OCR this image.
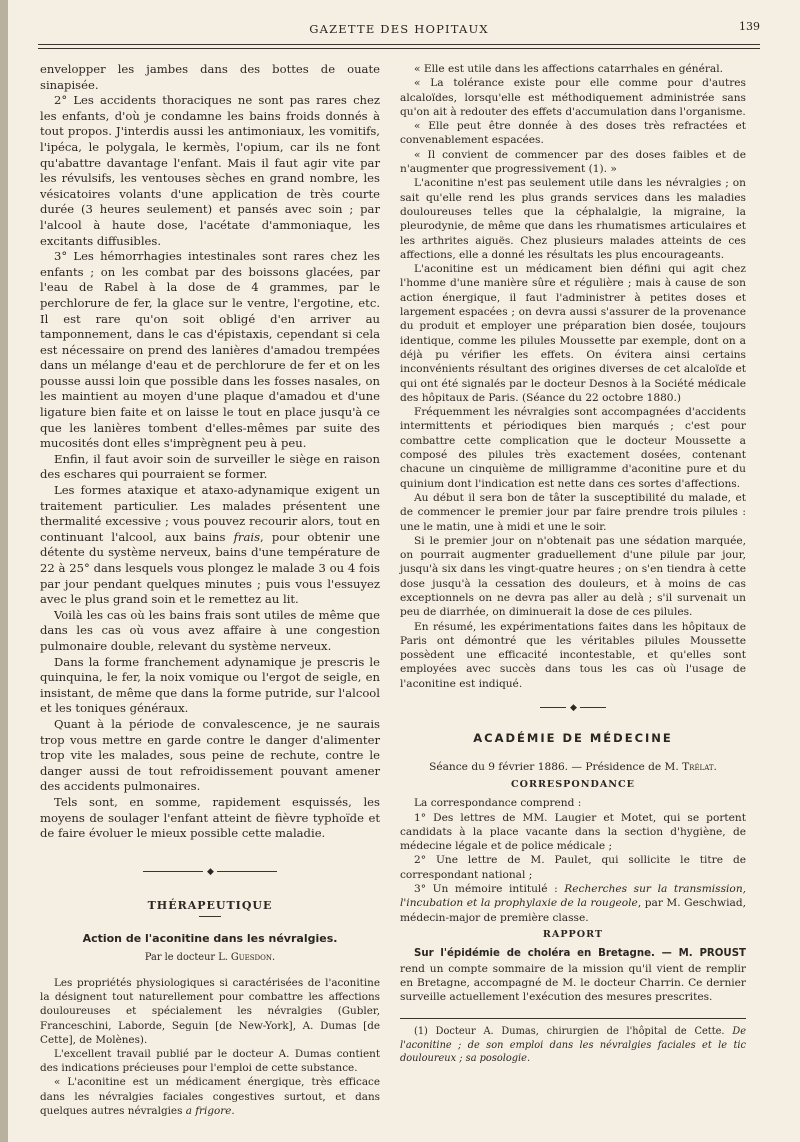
GAZETTE DES HOPITAUX	139

envelopper les jambes dans des bottes de ouate sinapisée.

2° Les accidents thoraciques ne sont pas rares chez les enfants, d'où je condamne les bains froids donnés à tout propos. J'interdis aussi les antimoniaux, les vomitifs, l'ipéca, le polygala, le kermès, l'opium, car ils ne font qu'abattre davantage l'enfant. Mais il faut agir vite par les révulsifs, les ventouses sèches en grand nombre, les vésicatoires volants d'une application de très courte durée (3 heures seulement) et pansés avec soin ; par l'alcool à haute dose, l'acétate d'ammoniaque, les excitants diffusibles.

3° Les hémorrhagies intestinales sont rares chez les enfants ; on les combat par des boissons glacées, par l'eau de Rabel à la dose de 4 grammes, par le perchlorure de fer, la glace sur le ventre, l'ergotine, etc. Il est rare qu'on soit obligé d'en arriver au tamponnement, dans le cas d'épistaxis, cependant si cela est nécessaire on prend des lanières d'amadou trempées dans un mélange d'eau et de perchlorure de fer et on les pousse aussi loin que possible dans les fosses nasales, on les maintient au moyen d'une plaque d'amadou et d'une ligature bien faite et on laisse le tout en place jusqu'à ce que les lanières tombent d'elles-mêmes par suite des mucosités dont elles s'imprègnent peu à peu.

Enfin, il faut avoir soin de surveiller le siège en raison des eschares qui pourraient se former.

Les formes ataxique et ataxo-adynamique exigent un traitement particulier. Les malades présentent une thermalité excessive ; vous pouvez recourir alors, tout en continuant l'alcool, aux bains frais, pour obtenir une détente du système nerveux, bains d'une température de 22 à 25° dans lesquels vous plongez le malade 3 ou 4 fois par jour pendant quelques minutes ; puis vous l'essuyez avec le plus grand soin et le remettez au lit.

Voilà les cas où les bains frais sont utiles de même que dans les cas où vous avez affaire à une congestion pulmonaire double, relevant du système nerveux.

Dans la forme franchement adynamique je prescris le quinquina, le fer, la noix vomique ou l'ergot de seigle, en insistant, de même que dans la forme putride, sur l'alcool et les toniques généraux.

Quant à la période de convalescence, je ne saurais trop vous mettre en garde contre le danger d'alimenter trop vite les malades, sous peine de rechute, contre le danger aussi de tout refroidissement pouvant amener des accidents pulmonaires.

Tels sont, en somme, rapidement esquissés, les moyens de soulager l'enfant atteint de fièvre typhoïde et de faire évoluer le mieux possible cette maladie.

◆
THÉRAPEUTIQUE
Action de l'aconitine dans les névralgies.
Par le docteur L. Guesdon.

Les propriétés physiologiques si caractérisées de l'aconitine la désignent tout naturellement pour combattre les affections douloureuses et spécialement les névralgies (Gubler, Franceschini, Laborde, Seguin [de New-York], A. Dumas [de Cette], de Molènes).

L'excellent travail publié par le docteur A. Dumas contient des indications précieuses pour l'emploi de cette substance.

« L'aconitine est un médicament énergique, très efficace dans les névralgies faciales congestives surtout, et dans quelques autres névralgies a frigore.

« Elle est utile dans les affections catarrhales en général.

« La tolérance existe pour elle comme pour d'autres alcaloïdes, lorsqu'elle est méthodiquement administrée sans qu'on ait à redouter des effets d'accumulation dans l'organisme.

« Elle peut être donnée à des doses très refractées et convenablement espacées.

« Il convient de commencer par des doses faibles et de n'augmenter que progressivement (1). »

L'aconitine n'est pas seulement utile dans les névralgies ; on sait qu'elle rend les plus grands services dans les maladies douloureuses telles que la céphalalgie, la migraine, la pleurodynie, de même que dans les rhumatismes articulaires et les arthrites aiguës. Chez plusieurs malades atteints de ces affections, elle a donné les résultats les plus encourageants.

L'aconitine est un médicament bien défini qui agit chez l'homme d'une manière sûre et régulière ; mais à cause de son action énergique, il faut l'administrer à petites doses et largement espacées ; on devra aussi s'assurer de la provenance du produit et employer une préparation bien dosée, toujours identique, comme les pilules Moussette par exemple, dont on a déjà pu vérifier les effets. On évitera ainsi certains inconvénients résultant des origines diverses de cet alcaloïde et qui ont été signalés par le docteur Desnos à la Société médicale des hôpitaux de Paris. (Séance du 22 octobre 1880.)

Fréquemment les névralgies sont accompagnées d'accidents intermittents et périodiques bien marqués ; c'est pour combattre cette complication que le docteur Moussette a composé des pilules très exactement dosées, contenant chacune un cinquième de milligramme d'aconitine pure et du quinium dont l'indication est nette dans ces sortes d'affections.

Au début il sera bon de tâter la susceptibilité du malade, et de commencer le premier jour par faire prendre trois pilules : une le matin, une à midi et une le soir.

Si le premier jour on n'obtenait pas une sédation marquée, on pourrait augmenter graduellement d'une pilule par jour, jusqu'à six dans les vingt-quatre heures ; on s'en tiendra à cette dose jusqu'à la cessation des douleurs, et à moins de cas exceptionnels on ne devra pas aller au delà ; s'il survenait un peu de diarrhée, on diminuerait la dose de ces pilules.

En résumé, les expérimentations faites dans les hôpitaux de Paris ont démontré que les véritables pilules Moussette possèdent une efficacité incontestable, et qu'elles sont employées avec succès dans tous les cas où l'usage de l'aconitine est indiqué.

◆
ACADÉMIE DE MÉDECINE
Séance du 9 février 1886. — Présidence de M. Trélat.
CORRESPONDANCE

La correspondance comprend :

1° Des lettres de MM. Laugier et Motet, qui se portent candidats à la place vacante dans la section d'hygiène, de médecine légale et de police médicale ;

2° Une lettre de M. Paulet, qui sollicite le titre de correspondant national ;

3° Un mémoire intitulé : Recherches sur la transmission, l'incubation et la prophylaxie de la rougeole, par M. Geschwiad, médecin-major de première classe.

RAPPORT

Sur l'épidémie de choléra en Bretagne. — M. PROUST rend un compte sommaire de la mission qu'il vient de remplir en Bretagne, accompagné de M. le docteur Charrin. Ce dernier surveille actuellement l'exécution des mesures prescrites.

(1) Docteur A. Dumas, chirurgien de l'hôpital de Cette. De l'aconitine ; de son emploi dans les névralgies faciales et le tic douloureux ; sa posologie.
